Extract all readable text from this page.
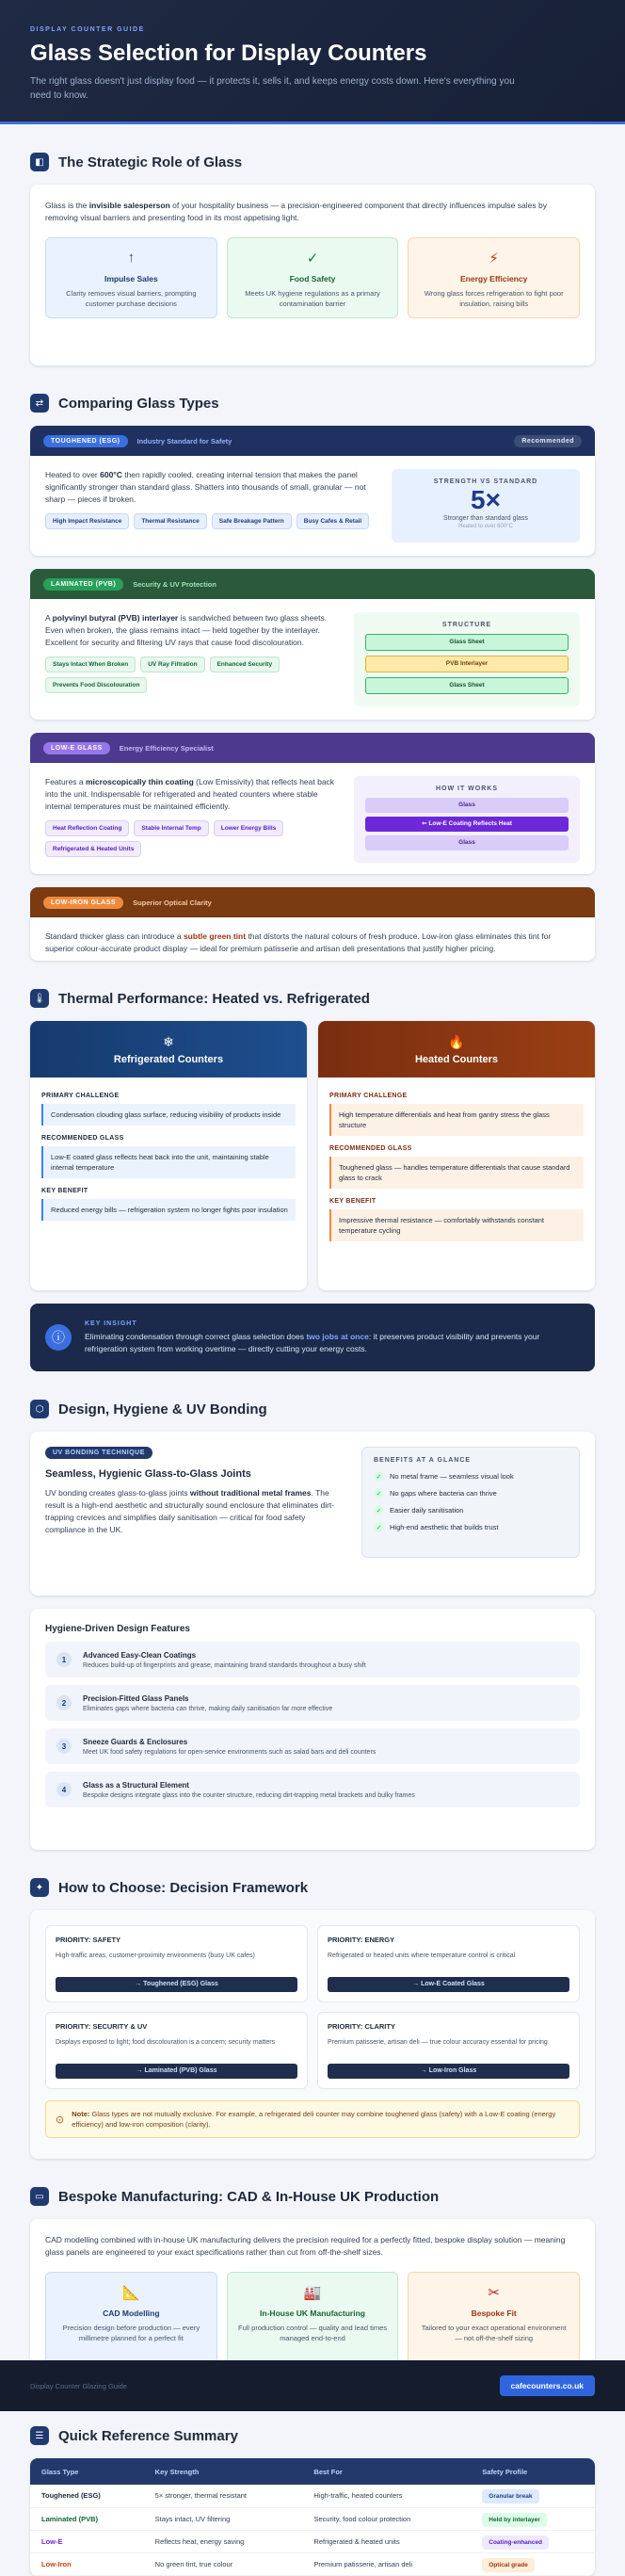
DISPLAY COUNTER GUIDE
Glass Selection for Display Counters

The right glass doesn't just display food — it protects it, sells it, and keeps energy costs down. Here's everything you need to know.

◧	The Strategic Role of Glass
Glass is the invisible salesperson of your hospitality business — a precision-engineered component that directly influences impulse sales by removing visual barriers and presenting food in its most appetising light.
↑
Impulse Sales
Clarity removes visual barriers, prompting customer purchase decisions
✓
Food Safety
Meets UK hygiene regulations as a primary contamination barrier
⚡
Energy Efficiency
Wrong glass forces refrigeration to fight poor insulation, raising bills
⇄	Comparing Glass Types
TOUGHENED (ESG)	Industry Standard for Safety	Recommended
Heated to over 600°C then rapidly cooled, creating internal tension that makes the panel significantly stronger than standard glass. Shatters into thousands of small, granular — not sharp — pieces if broken.
High Impact Resistance	Thermal Resistance	Safe Breakage Pattern	Busy Cafes & Retail
STRENGTH VS STANDARD
5×
Stronger than standard glass
Heated to over 600°C
LAMINATED (PVB)	Security & UV Protection
A polyvinyl butyral (PVB) interlayer is sandwiched between two glass sheets. Even when broken, the glass remains intact — held together by the interlayer. Excellent for security and filtering UV rays that cause food discolouration.
Stays Intact When Broken	UV Ray Filtration	Enhanced Security
Prevents Food Discolouration
STRUCTURE
Glass Sheet
PVB Interlayer
Glass Sheet
LOW-E GLASS	Energy Efficiency Specialist
Features a microscopically thin coating (Low Emissivity) that reflects heat back into the unit. Indispensable for refrigerated and heated counters where stable internal temperatures must be maintained efficiently.
Heat Reflection Coating	Stable Internal Temp	Lower Energy Bills
Refrigerated & Heated Units
HOW IT WORKS
Glass
⇐ Low-E Coating Reflects Heat
Glass
LOW-IRON GLASS	Superior Optical Clarity
Standard thicker glass can introduce a subtle green tint that distorts the natural colours of fresh produce. Low-iron glass eliminates this tint for superior colour-accurate product display — ideal for premium patisserie and artisan deli presentations that justify higher pricing.
🌡 Thermal Performance: Heated vs. Refrigerated
❄
Refrigerated Counters
PRIMARY CHALLENGE
Condensation clouding glass surface, reducing visibility of products inside
RECOMMENDED GLASS
Low-E coated glass reflects heat back into the unit, maintaining stable internal temperature
KEY BENEFIT
Reduced energy bills — refrigeration system no longer fights poor insulation
🔥
Heated Counters
PRIMARY CHALLENGE
High temperature differentials and heat from gantry stress the glass structure
RECOMMENDED GLASS
Toughened glass — handles temperature differentials that cause standard glass to crack
KEY BENEFIT
Impressive thermal resistance — comfortably withstands constant temperature cycling
ⓘ
KEY INSIGHT
Eliminating condensation through correct glass selection does two jobs at once: it preserves product visibility and prevents your refrigeration system from working overtime — directly cutting your energy costs.
⬡	Design, Hygiene & UV Bonding
UV BONDING TECHNIQUE
Seamless, Hygienic Glass-to-Glass Joints
UV bonding creates glass-to-glass joints without traditional metal frames. The result is a high-end aesthetic and structurally sound enclosure that eliminates dirt-trapping crevices and simplifies daily sanitisation — critical for food safety compliance in the UK.
BENEFITS AT A GLANCE
✓	No metal frame — seamless visual look
✓	No gaps where bacteria can thrive
✓	Easier daily sanitisation
✓	High-end aesthetic that builds trust
Hygiene-Driven Design Features
1
Advanced Easy-Clean Coatings
Reduces build-up of fingerprints and grease, maintaining brand standards throughout a busy shift
2
Precision-Fitted Glass Panels
Eliminates gaps where bacteria can thrive, making daily sanitisation far more effective
3
Sneeze Guards & Enclosures
Meet UK food safety regulations for open-service environments such as salad bars and deli counters
4
Glass as a Structural Element
Bespoke designs integrate glass into the counter structure, reducing dirt-trapping metal brackets and bulky frames
✦	How to Choose: Decision Framework
PRIORITY: SAFETY
High-traffic areas, customer-proximity environments (busy UK cafes)
→ Toughened (ESG) Glass
PRIORITY: ENERGY
Refrigerated or heated units where temperature control is critical
→ Low-E Coated Glass
PRIORITY: SECURITY & UV
Displays exposed to light; food discolouration is a concern; security matters
→ Laminated (PVB) Glass
PRIORITY: CLARITY
Premium patisserie, artisan deli — true colour accuracy essential for pricing
→ Low-Iron Glass
⊙ Note: Glass types are not mutually exclusive. For example, a refrigerated deli counter may combine toughened glass (safety) with a Low-E coating (energy efficiency) and low-iron composition (clarity).
▭	Bespoke Manufacturing: CAD & In-House UK Production
CAD modelling combined with in-house UK manufacturing delivers the precision required for a perfectly fitted, bespoke display solution — meaning glass panels are engineered to your exact specifications rather than cut from off-the-shelf sizes.
📐
CAD Modelling
Precision design before production — every millimetre planned for a perfect fit
🏭
In-House UK Manufacturing
Full production control — quality and lead times managed end-to-end
✂
Bespoke Fit
Tailored to your exact operational environment — not off-the-shelf sizing
☰	Quick Reference Summary
Glass Type	Key Strength	Best For	Safety Profile
Toughened (ESG)	5× stronger, thermal resistant	High-traffic, heated counters	Granular break
Laminated (PVB)	Stays intact, UV filtering	Security, food colour protection	Held by interlayer
Low-E	Reflects heat, energy saving	Refrigerated & heated units	Coating-enhanced
Low-Iron	No green tint, true colour	Premium patisserie, artisan deli	Optical grade
Display Counter Glazing Guide	cafecounters.co.uk
